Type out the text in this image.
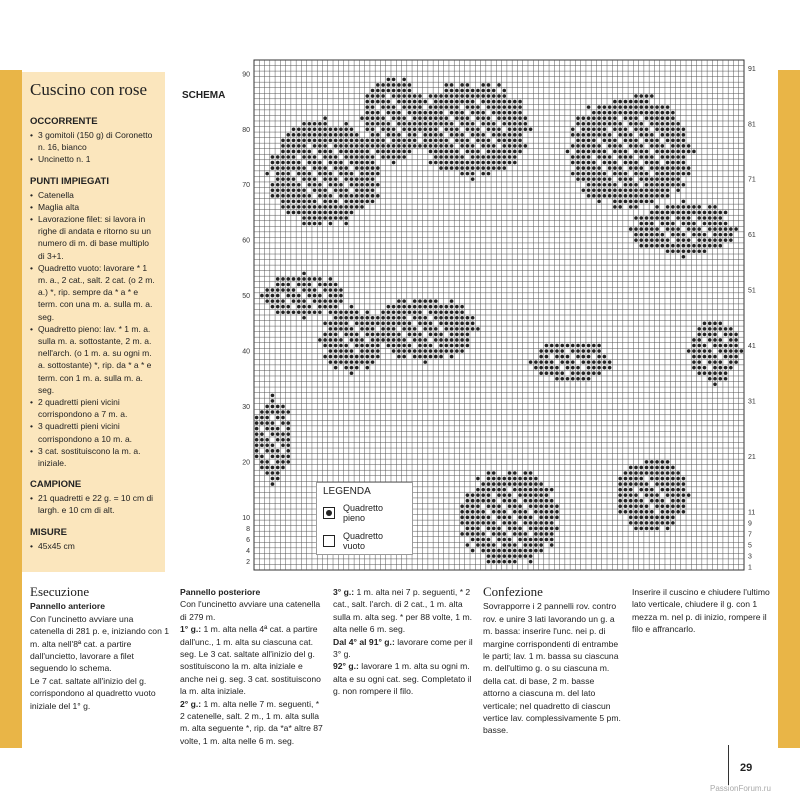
Cuscino con rose
OCCORRENTE
• 3 gomitoli (150 g) di Coronetto n. 16, bianco
• Uncinetto n. 1
PUNTI IMPIEGATI
• Catenella
• Maglia alta
• Lavorazione filet: si lavora in righe di andata e ritorno su un numero di m. di base multiplo di 3+1.
• Quadretto vuoto: lavorare * 1 m. a., 2 cat., salt. 2 cat. (o 2 m. a.) *, rip. sempre da * a * e term. con una m. a. sulla m. a. seg.
• Quadretto pieno: lav. * 1 m. a. sulla m. a. sottostante, 2 m. a. nell'arch. (o 1 m. a. su ogni m. a. sottostante) *, rip. da * a * e term. con 1 m. a. sulla m. a. seg.
• 2 quadretti pieni vicini corrispondono a 7 m. a.
• 3 quadretti pieni vicini corrispondono a 10 m. a.
• 3 cat. sostituiscono la m. a. iniziale.
CAMPIONE
• 21 quadretti e 22 g. = 10 cm di largh. e 10 cm di alt.
MISURE
• 45x45 cm
SCHEMA
90
80
70
60
50
40
30
20
10
8
6
4
2
91
81
71
61
51
41
31
21
11
9
7
5
3
1
LEGENDA
Quadretto pieno
Quadretto vuoto
Esecuzione
Pannello anteriore

Con l'uncinetto avviare una catenella di 281 p. e, iniziando con 1 m. alta nell'8ª cat. a partire dall'uncietto, lavorare a filet seguendo lo schema.

Le 7 cat. saltate all'inizio del g. corrispondono al quadretto vuoto iniziale del 1° g.

Pannello posteriore

Con l'uncinetto avviare una catenella di 279 m.

1° g.: 1 m. alta nella 4ª cat. a partire dall'unc., 1 m. alta su ciascuna cat. seg. Le 3 cat. saltate all'inizio del g. sostituiscono la m. alta iniziale e anche nei g. seg. 3 cat. sostituiscono la m. alta iniziale.

2° g.: 1 m. alta nelle 7 m. seguenti, * 2 catenelle, salt. 2 m., 1 m. alta sulla m. alta seguente *, rip. da *a* altre 87 volte, 1 m. alta nelle 6 m. seg.

3° g.: 1 m. alta nei 7 p. seguenti, * 2 cat., salt. l'arch. di 2 cat., 1 m. alta sulla m. alta seg. * per 88 volte, 1 m. alta nelle 6 m. seg.

Dal 4° al 91° g.: lavorare come per il 3° g.

92° g.: lavorare 1 m. alta su ogni m. alta e su ogni cat. seg. Completato il g. non rompere il filo.

Confezione

Sovrapporre i 2 pannelli rov. contro rov. e unire 3 lati lavorando un g. a m. bassa: inserire l'unc. nei p. di margine corrispondenti di entrambe le parti; lav. 1 m. bassa su ciascuna m. dell'ultimo g. o su ciascuna m. della cat. di base, 2 m. basse attorno a ciascuna m. del lato verticale; nel quadretto di ciascun vertice lav. complessivamente 5 pm. basse.

Inserire il cuscino e chiudere l'ultimo lato verticale, chiudere il g. con 1 mezza m. nel p. di inizio, rompere il filo e affrancarlo.

29
PassionForum.ru
